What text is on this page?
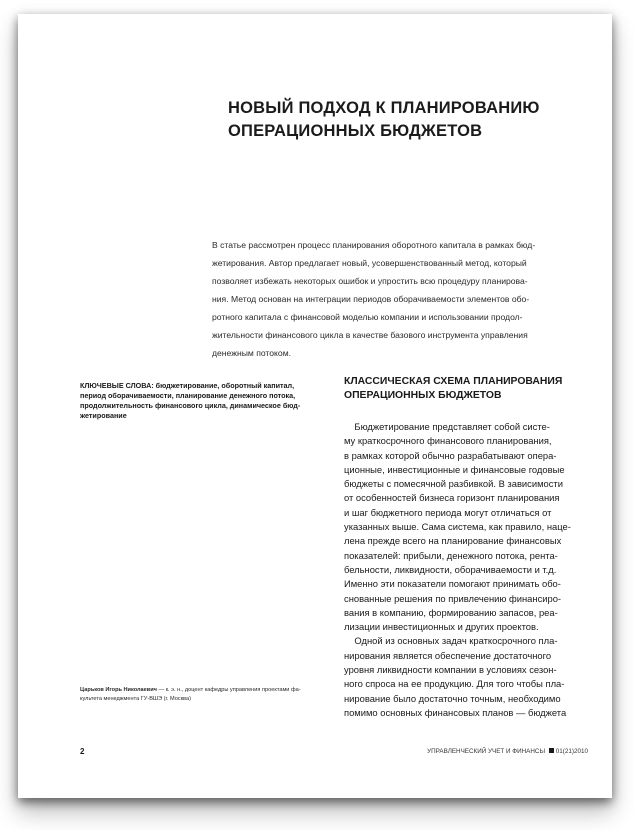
НОВЫЙ ПОДХОД К ПЛАНИРОВАНИЮ
ОПЕРАЦИОННЫХ БЮДЖЕТОВ
В статье рассмотрен процесс планирования оборотного капитала в рамках бюд-
жетирования. Автор предлагает новый, усовершенствованный метод, который
позволяет избежать некоторых ошибок и упростить всю процедуру планирова-
ния. Метод основан на интеграции периодов оборачиваемости элементов обо-
ротного капитала с финансовой моделью компании и использовании продол-
жительности финансового цикла в качестве базового инструмента управления
денежным потоком.
КЛЮЧЕВЫЕ СЛОВА: бюджетирование, оборотный капитал,
период оборачиваемости, планирование денежного потока,
продолжительность финансового цикла, динамическое бюд-
жетирование
КЛАССИЧЕСКАЯ СХЕМА ПЛАНИРОВАНИЯ
ОПЕРАЦИОННЫХ БЮДЖЕТОВ
Бюджетирование представляет собой систе-
му краткосрочного финансового планирования,
в рамках которой обычно разрабатывают опера-
ционные, инвестиционные и финансовые годовые
бюджеты с помесячной разбивкой. В зависимости
от особенностей бизнеса горизонт планирования
и шаг бюджетного периода могут отличаться от
указанных выше. Сама система, как правило, наце-
лена прежде всего на планирование финансовых
показателей: прибыли, денежного потока, рента-
бельности, ликвидности, оборачиваемости и т.д.
Именно эти показатели помогают принимать обо-
снованные решения по привлечению финансиро-
вания в компанию, формированию запасов, реа-
лизации инвестиционных и других проектов.
Одной из основных задач краткосрочного пла-
нирования является обеспечение достаточного
уровня ликвидности компании в условиях сезон-
ного спроса на ее продукцию. Для того чтобы пла-
нирование было достаточно точным, необходимо
помимо основных финансовых планов — бюджета
Царьков Игорь Николаевич — к. э. н., доцент кафедры управления проектами фа-
культета менеджмента ГУ-ВШЭ (г. Москва)
2	УПРАВЛЕНЧЕСКИЙ УЧЕТ И ФИНАНСЫ 01(21)2010
